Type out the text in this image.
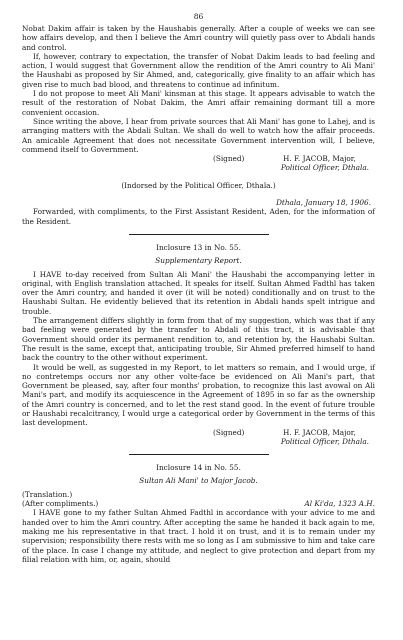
86

Nobat Dakim affair is taken by the Haushabis generally. After a couple of weeks we can see how affairs develop, and then I believe the Amri country will quietly pass over to Abdali hands and control.

If, however, contrary to expectation, the transfer of Nobat Dakim leads to bad feeling and action, I would suggest that Government allow the rendition of the Amri country to Ali Mani' the Haushabi as proposed by Sir Ahmed, and, categorically, give finality to an affair which has given rise to much bad blood, and threatens to continue ad infinitum.

I do not propose to meet Ali Mani' kinsman at this stage. It appears advisable to watch the result of the restoration of Nobat Dakim, the Amri affair remaining dormant till a more convenient occasion.

Since writing the above, I hear from private sources that Ali Mani' has gone to Lahej, and is arranging matters with the Abdali Sultan. We shall do well to watch how the affair proceeds. An amicable Agreement that does not necessitate Government intervention will, I believe, commend itself to Government.

(Signed)	H. F. JACOB, Major,
Political Officer, Dthala.
(Indorsed by the Political Officer, Dthala.)
Dthala, January 18, 1906.

Forwarded, with compliments, to the First Assistant Resident, Aden, for the information of the Resident.

Inclosure 13 in No. 55.
Supplementary Report.

I HAVE to-day received from Sultan Ali Mani' the Haushabi the accompanying letter in original, with English translation attached. It speaks for itself. Sultan Ahmed Fadthl has taken over the Amri country, and handed it over (it will be noted) conditionally and on trust to the Haushabi Sultan. He evidently believed that its retention in Abdali hands spelt intrigue and trouble.

The arrangement differs slightly in form from that of my suggestion, which was that if any bad feeling were generated by the transfer to Abdali of this tract, it is advisable that Government should order its permanent rendition to, and retention by, the Haushabi Sultan. The result is the same, except that, anticipating trouble, Sir Ahmed preferred himself to hand back the country to the other without experiment.

It would be well, as suggested in my Report, to let matters so remain, and I would urge, if no contretemps occurs nor any other volte-face be evidenced on Ali Mani's part, that Government be pleased, say, after four months' probation, to recognize this last avowal on Ali Mani's part, and modify its acquiescence in the Agreement of 1895 in so far as the ownership of the Amri country is concerned, and to let the rest stand good. In the event of future trouble or Haushabi recalcitrancy, I would urge a categorical order by Government in the terms of this last development.

(Signed)	H. F. JACOB, Major,
Political Officer, Dthala.
Inclosure 14 in No. 55.
Sultan Ali Mani' to Major Jacob.
(Translation.)
(After compliments.)	Al Ki'da, 1323 A.H.

I HAVE gone to my father Sultan Ahmed Fadthl in accordance with your advice to me and handed over to him the Amri country. After accepting the same he handed it back again to me, making me his representative in that tract. I hold it on trust, and it is to remain under my supervision; responsibility there rests with me so long as I am submissive to him and take care of the place. In case I change my attitude, and neglect to give protection and depart from my filial relation with him, or, again, should
